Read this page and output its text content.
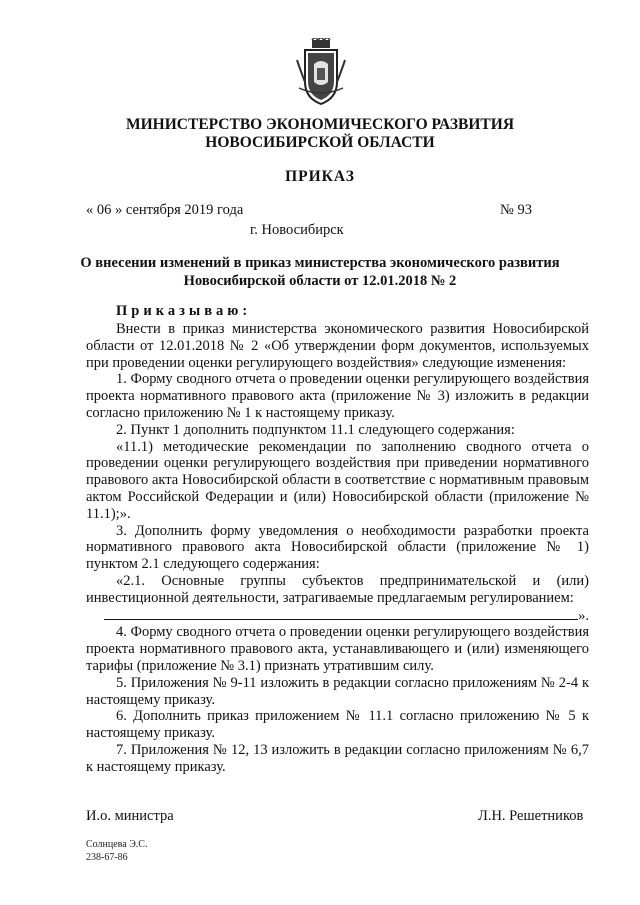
МИНИСТЕРСТВО ЭКОНОМИЧЕСКОГО РАЗВИТИЯ
НОВОСИБИРСКОЙ ОБЛАСТИ
ПРИКАЗ
« 06 » сентября 2019 года	№ 93
г. Новосибирск
О внесении изменений в приказ министерства экономического развития
Новосибирской области от 12.01.2018 № 2
Приказываю:

Внести в приказ министерства экономического развития Новосибирской области от 12.01.2018 № 2 «Об утверждении форм документов, используемых при проведении оценки регулирующего воздействия» следующие изменения:

1. Форму сводного отчета о проведении оценки регулирующего воздействия проекта нормативного правового акта (приложение № 3) изложить в редакции согласно приложению № 1 к настоящему приказу.

2. Пункт 1 дополнить подпунктом 11.1 следующего содержания:

«11.1) методические рекомендации по заполнению сводного отчета о проведении оценки регулирующего воздействия при приведении нормативного правового акта Новосибирской области в соответствие с нормативным правовым актом Российской Федерации и (или) Новосибирской области (приложение № 11.1);».

3. Дополнить форму уведомления о необходимости разработки проекта нормативного правового акта Новосибирской области (приложение № 1) пунктом 2.1 следующего содержания:

«2.1. Основные группы субъектов предпринимательской и (или) инвестиционной деятельности, затрагиваемые предлагаемым регулированием:

».

4. Форму сводного отчета о проведении оценки регулирующего воздействия проекта нормативного правового акта, устанавливающего и (или) изменяющего тарифы (приложение № 3.1) признать утратившим силу.

5. Приложения № 9-11 изложить в редакции согласно приложениям № 2-4 к настоящему приказу.

6. Дополнить приказ приложением № 11.1 согласно приложению № 5 к настоящему приказу.

7. Приложения № 12, 13 изложить в редакции согласно приложениям № 6,7 к настоящему приказу.

И.о. министра	Л.Н. Решетников
Солнцева Э.С.
238-67-86
